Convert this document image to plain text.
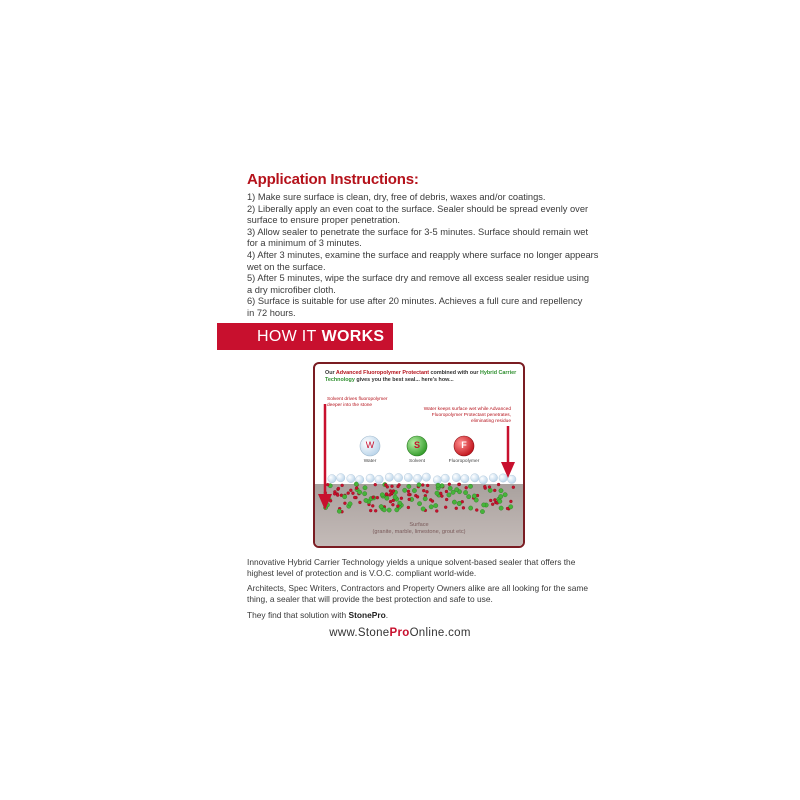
Application Instructions:
1) Make sure surface is clean, dry, free of debris, waxes and/or coatings.
2) Liberally apply an even coat to the surface. Sealer should be spread evenly over
surface to ensure proper penetration.
3) Allow sealer to penetrate the surface for 3-5 minutes. Surface should remain wet
for a minimum of 3 minutes.
4) After 3 minutes, examine the surface and reapply where surface no longer appears
wet on the surface.
5) After 5 minutes, wipe the surface dry and remove all excess sealer residue using
a dry microfiber cloth.
6) Surface is suitable for use after 20 minutes. Achieves a full cure and repellency
in 72 hours.
HOW IT WORKS

Our Advanced Fluoropolymer Protectant combined with our Hybrid Carrier Technology gives you the best seal... here's how...

Solvent drives fluoropolymer deeper into the stone
Water keeps surface wet while Advanced Fluoropolymer Protectant penetrates, eliminating residue
W	S	F
Water	Solvent	Fluoropolymer
Surface
(granite, marble, limestone, grout etc)

Innovative Hybrid Carrier Technology yields a unique solvent-based sealer that offers the highest level of protection and is V.O.C. compliant world-wide.

Architects, Spec Writers, Contractors and Property Owners alike are all looking for the same thing, a sealer that will provide the best protection and safe to use.

They find that solution with StonePro.

www.StoneProOnline.com
